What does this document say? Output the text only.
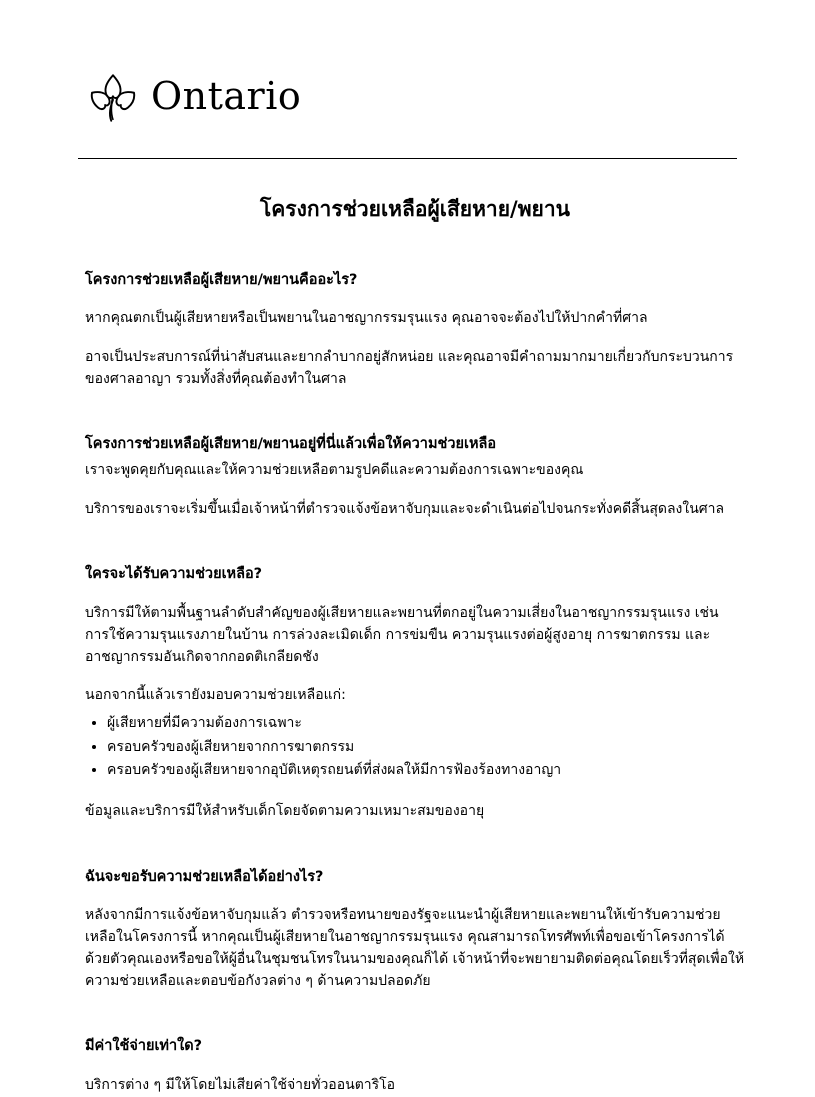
Ontario
โครงการช่วยเหลือผู้เสียหาย/พยาน
โครงการช่วยเหลือผู้เสียหาย/พยานคืออะไร?

หากคุณตกเป็นผู้เสียหายหรือเป็นพยานในอาชญากรรมรุนแรง คุณอาจจะต้องไปให้ปากคำที่ศาล

อาจเป็นประสบการณ์ที่น่าสับสนและยากลำบากอยู่สักหน่อย และคุณอาจมีคำถามมากมายเกี่ยวกับกระบวนการของศาลอาญา รวมทั้งสิ่งที่คุณต้องทำในศาล

โครงการช่วยเหลือผู้เสียหาย/พยานอยู่ที่นี่แล้วเพื่อให้ความช่วยเหลือ

เราจะพูดคุยกับคุณและให้ความช่วยเหลือตามรูปคดีและความต้องการเฉพาะของคุณ

บริการของเราจะเริ่มขึ้นเมื่อเจ้าหน้าที่ตำรวจแจ้งข้อหาจับกุมและจะดำเนินต่อไปจนกระทั่งคดีสิ้นสุดลงในศาล

ใครจะได้รับความช่วยเหลือ?

บริการมีให้ตามพื้นฐานลำดับสำคัญของผู้เสียหายและพยานที่ตกอยู่ในความเสี่ยงในอาชญากรรมรุนแรง เช่น การใช้ความรุนแรงภายในบ้าน การล่วงละเมิดเด็ก การข่มขืน ความรุนแรงต่อผู้สูงอายุ การฆาตกรรม และอาชญากรรมอันเกิดจากกอดติเกลียดชัง

นอกจากนี้แล้วเรายังมอบความช่วยเหลือแก่:

• ผู้เสียหายที่มีความต้องการเฉพาะ
• ครอบครัวของผู้เสียหายจากการฆาตกรรม
• ครอบครัวของผู้เสียหายจากอุบัติเหตุรถยนต์ที่ส่งผลให้มีการฟ้องร้องทางอาญา

ข้อมูลและบริการมีให้สำหรับเด็กโดยจัดตามความเหมาะสมของอายุ

ฉันจะขอรับความช่วยเหลือได้อย่างไร?

หลังจากมีการแจ้งข้อหาจับกุมแล้ว ตำรวจหรือทนายของรัฐจะแนะนำผู้เสียหายและพยานให้เข้ารับความช่วยเหลือในโครงการนี้ หากคุณเป็นผู้เสียหายในอาชญากรรมรุนแรง คุณสามารถโทรศัพท์เพื่อขอเข้าโครงการได้ด้วยตัวคุณเองหรือขอให้ผู้อื่นในชุมชนโทรในนามของคุณก็ได้ เจ้าหน้าที่จะพยายามติดต่อคุณโดยเร็วที่สุดเพื่อให้ความช่วยเหลือและตอบข้อกังวลต่าง ๆ ด้านความปลอดภัย

มีค่าใช้จ่ายเท่าใด?

บริการต่าง ๆ มีให้โดยไม่เสียค่าใช้จ่ายทั่วออนตาริโอ
